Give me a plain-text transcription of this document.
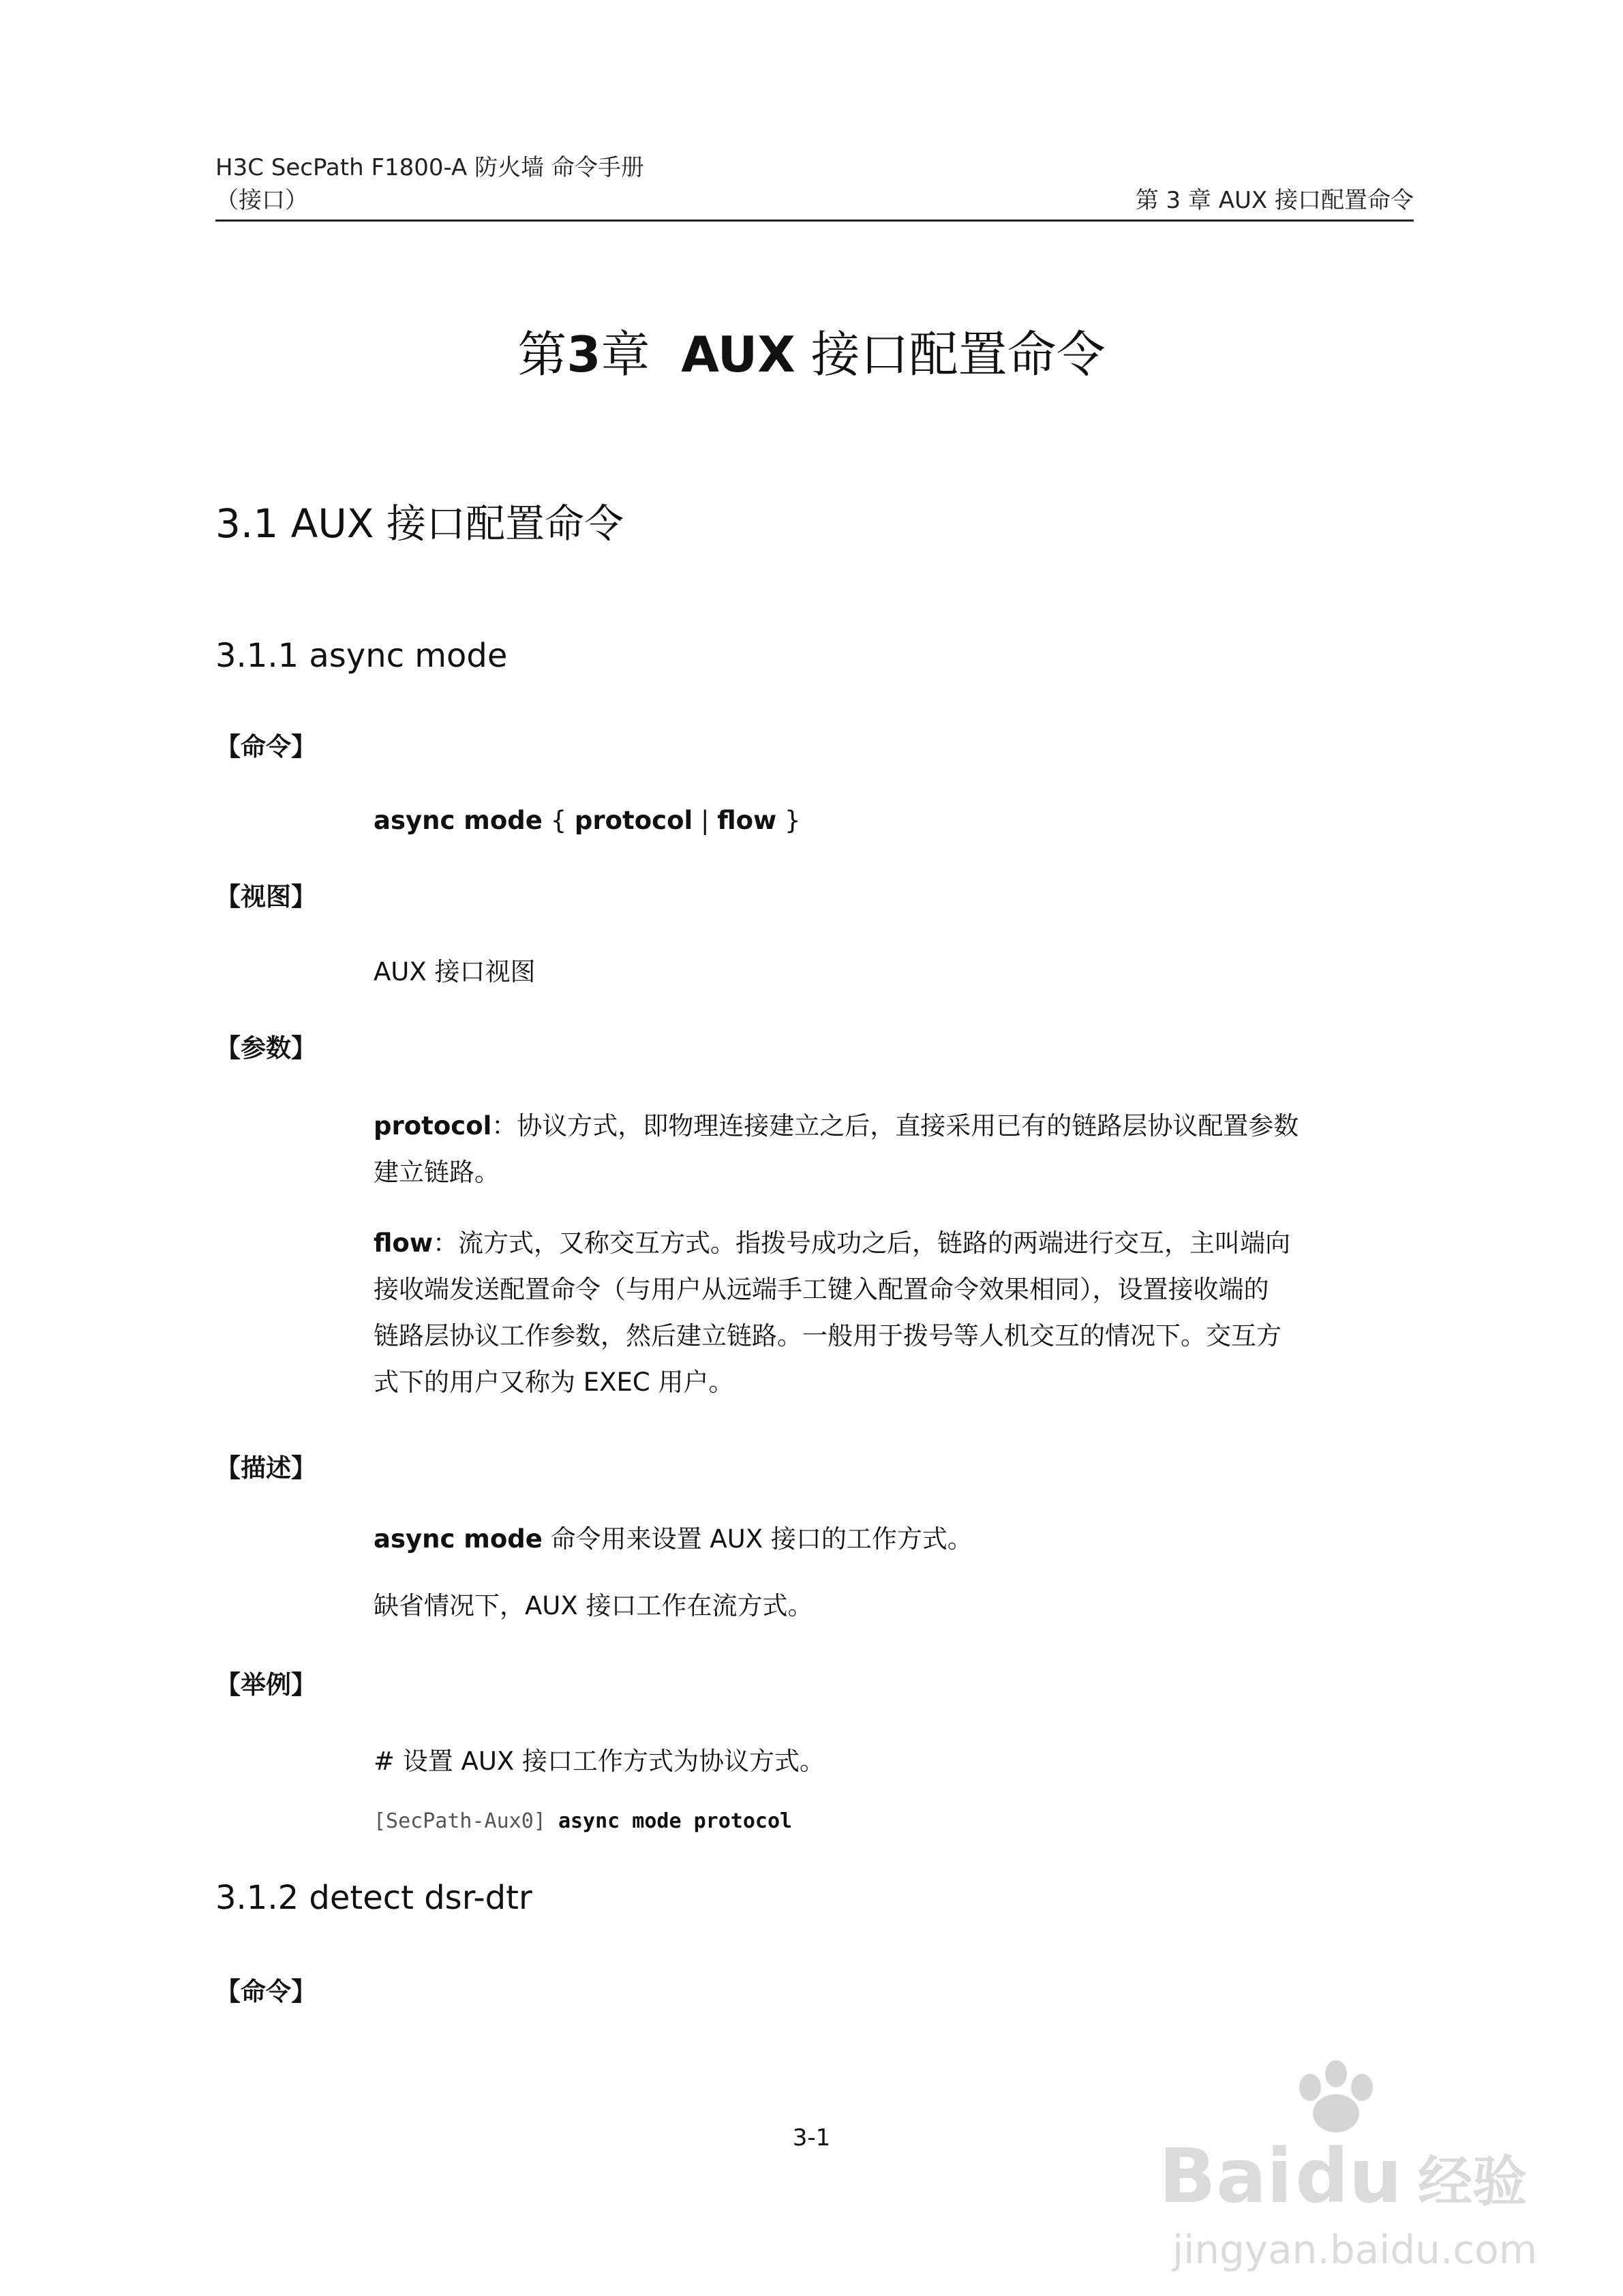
H3C SecPath F1800-A 防火墙 命令手册
（接口）	第 3 章 AUX 接口配置命令
第3章 AUX 接口配置命令
3.1 AUX 接口配置命令
3.1.1 async mode
【命令】
async mode { protocol | flow }
【视图】
AUX 接口视图
【参数】
protocol：协议方式，即物理连接建立之后，直接采用已有的链路层协议配置参数
建立链路。
flow：流方式，又称交互方式。指拨号成功之后，链路的两端进行交互，主叫端向
接收端发送配置命令（与用户从远端手工键入配置命令效果相同），设置接收端的
链路层协议工作参数，然后建立链路。一般用于拨号等人机交互的情况下。交互方
式下的用户又称为 EXEC 用户。
【描述】
async mode 命令用来设置 AUX 接口的工作方式。
缺省情况下，AUX 接口工作在流方式。
【举例】
# 设置 AUX 接口工作方式为协议方式。
[SecPath-Aux0] async mode protocol
3.1.2 detect dsr-dtr
【命令】
3-1	Bai du 经验
jingyan.baidu.com
